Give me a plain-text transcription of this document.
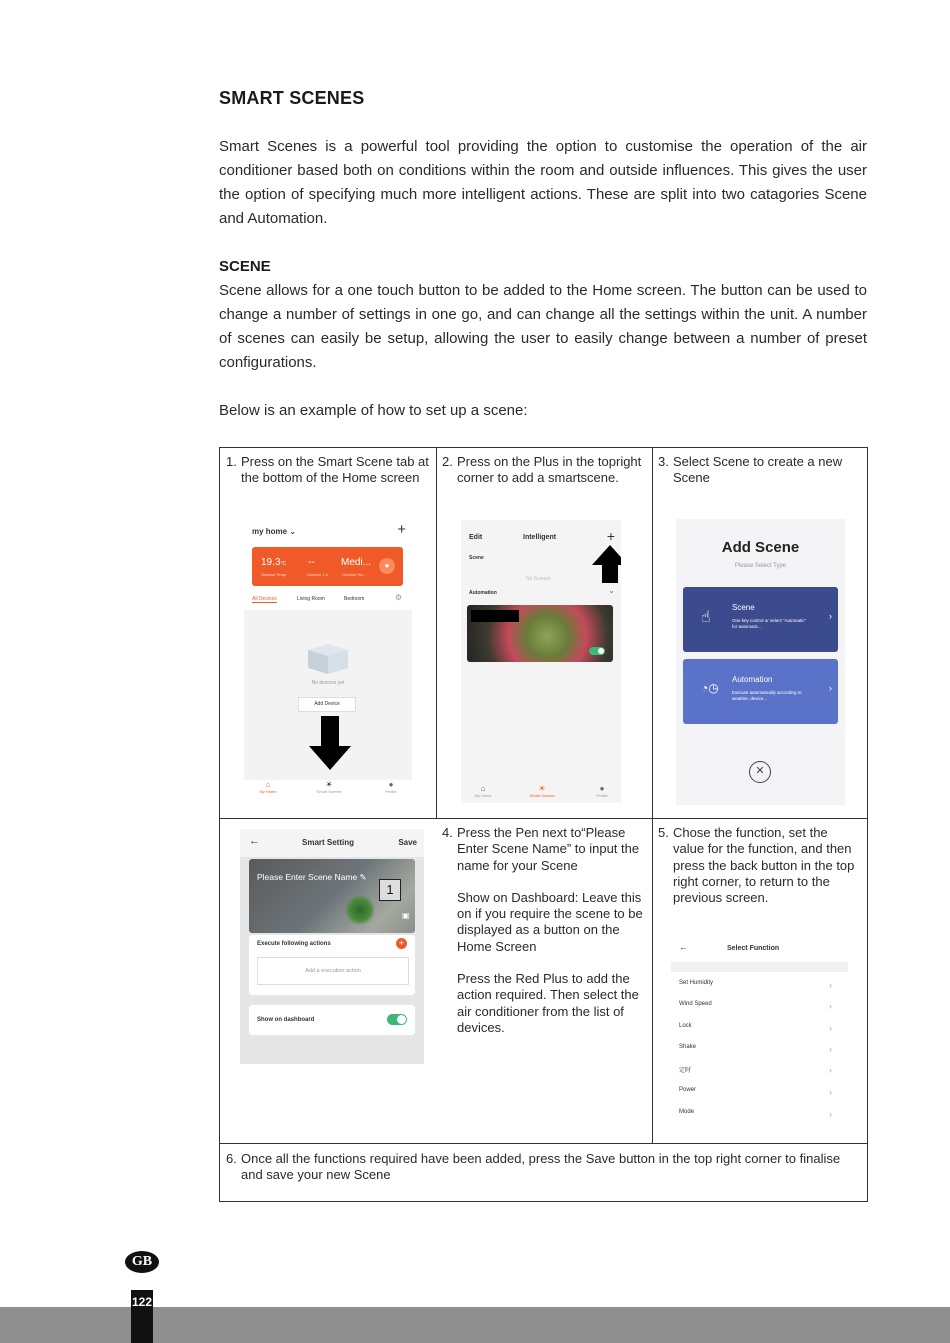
SMART SCENES
Smart Scenes is a powerful tool providing the option to customise the operation of the air conditioner based both on conditions within the room and outside influences. This gives the user the option of specifying much more intelligent actions. These are split into two catagories Scene and Automation.
SCENE
Scene allows for a one touch button to be added to the Home screen. The button can be used to change a number of settings in one go, and can change all the settings within the unit. A number of scenes can easily be setup, allowing the user to easily change between a number of preset configurations.
Below is an example of how to set up a scene:
1. Press on the Smart Scene tab at the bottom of the Home screen
2. Press on the Plus in the topright corner to add a smartscene.
3. Select Scene to create a new Scene
4. Press the Pen next to“Please Enter Scene Name” to input the name for your Scene
Show on Dashboard: Leave this on if you require the scene to be displayed as a button on the Home Screen
Press the Red Plus to add the action required. Then select the air conditioner from the list of devices.
5. Chose the function, set the value for the function, and then press the back button in the top right corner, to return to the previous screen.
6. Once all the functions required have been added, press the Save button in the top right corner to finalise and save your new Scene
my home ⌄	+
19.3°C --	Medi...
Outdoor Temp	Outdoor 1:0	Outdoor Hu...
●
All Devices	Living Room	Bedroom	⚙
No devices yet
Add Device
⌂
My Home
☀
Smart Scenes
●
Profile
Edit	Intelligent	+
Scene
No Scenes
Automation	⌄
⌂
My Home
☀
Smart Scenes
●
Profile
Add Scene
Please Select Type
☝
Scene
One key control or select “Automatic” for automatic...
›
◔◷
Automation
Execute automatically according to weather, device...
›
✕
←	Smart Setting	Save
Please Enter Scene Name ✎
1
▣
Execute following actions	+
Add a execution action
Show on dashboard
←	Select Function
Set Humidity	›
Wind Speed	›
Lock	›
Shake	›
定时	›
Power	›
Mode	›
GB
122
